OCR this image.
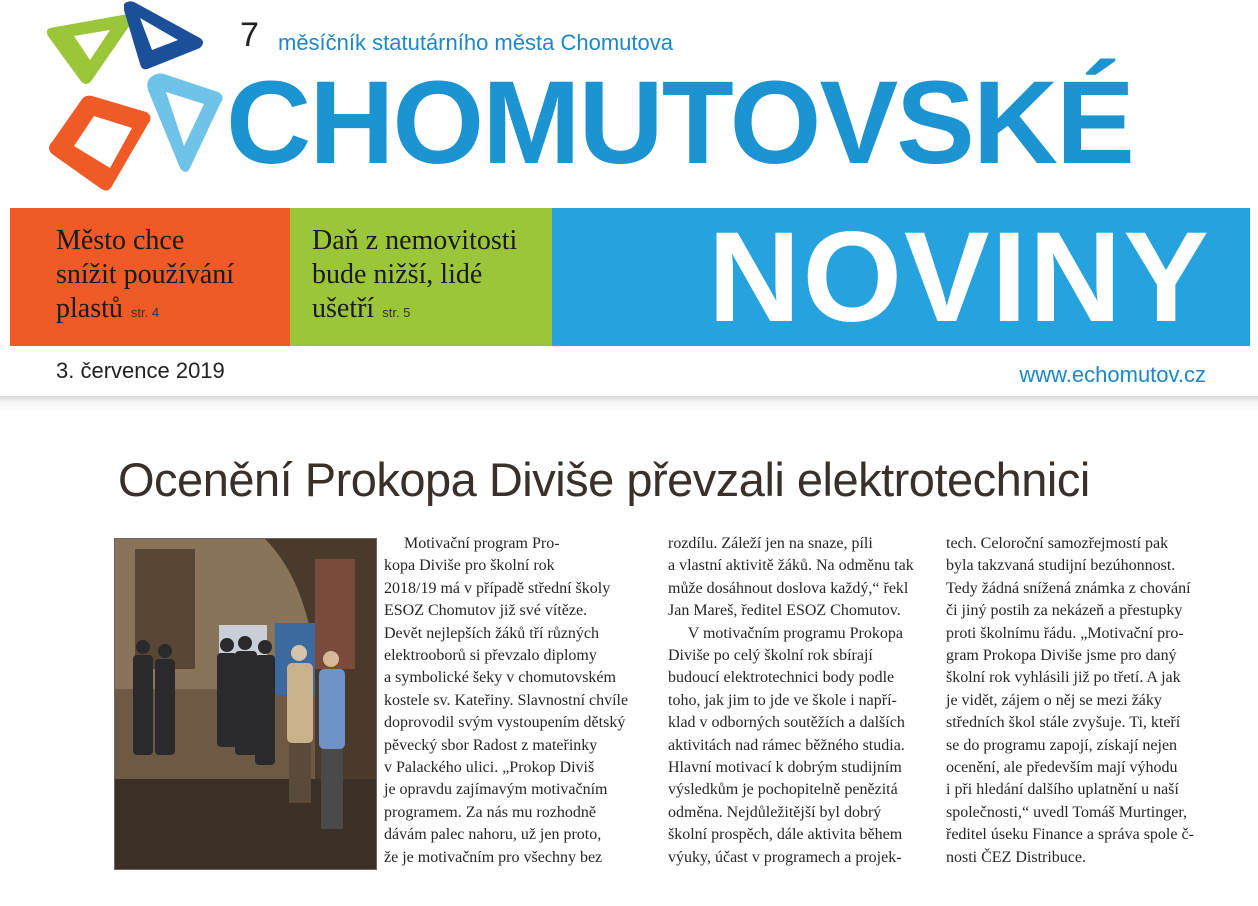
7 měsíčník statutárního města Chomutova
CHOMUTOVSKÉ
Město chce
snížit používání
plastů str. 4
Daň z nemovitosti
bude nižší, lidé
ušetří str. 5	NOVINY
3. července 2019	www.echomutov.cz
Ocenění Prokopa Diviše převzali elektrotechnici
Motivační program Pro-
kopa Diviše pro školní rok
2018/19 má v případě střední školy
ESOZ Chomutov již své vítěze.
Devět nejlepších žáků tří různých
elektrooborů si převzalo diplomy
a symbolické šeky v chomutovském
kostele sv. Kateřiny. Slavnostní chvíle
doprovodil svým vystoupením dětský
pěvecký sbor Radost z mateřinky
v Palackého ulici. „Prokop Diviš
je opravdu zajímavým motivačním
programem. Za nás mu rozhodně
dávám palec nahoru, už jen proto,
že je motivačním pro všechny bez
rozdílu. Záleží jen na snaze, píli
a vlastní aktivitě žáků. Na odměnu tak
může dosáhnout doslova každý,“ řekl
Jan Mareš, ředitel ESOZ Chomutov.
V motivačním programu Prokopa
Diviše po celý školní rok sbírají
budoucí elektrotechnici body podle
toho, jak jim to jde ve škole i napří-
klad v odborných soutěžích a dalších
aktivitách nad rámec běžného studia.
Hlavní motivací k dobrým studijním
výsledkům je pochopitelně penězitá
odměna. Nejdůležitější byl dobrý
školní prospěch, dále aktivita během
výuky, účast v programech a projek-
tech. Celoroční samozřejmostí pak
byla takzvaná studijní bezúhonnost.
Tedy žádná snížená známka z chování
či jiný postih za nekázeň a přestupky
proti školnímu řádu. „Motivační pro-
gram Prokopa Diviše jsme pro daný
školní rok vyhlásili již po třetí. A jak
je vidět, zájem o něj se mezi žáky
středních škol stále zvyšuje. Ti, kteří
se do programu zapojí, získají nejen
ocenění, ale především mají výhodu
i při hledání dalšího uplatnění u naší
společnosti,“ uvedl Tomáš Murtinger,
ředitel úseku Finance a správa spole č-
nosti ČEZ Distribuce.
